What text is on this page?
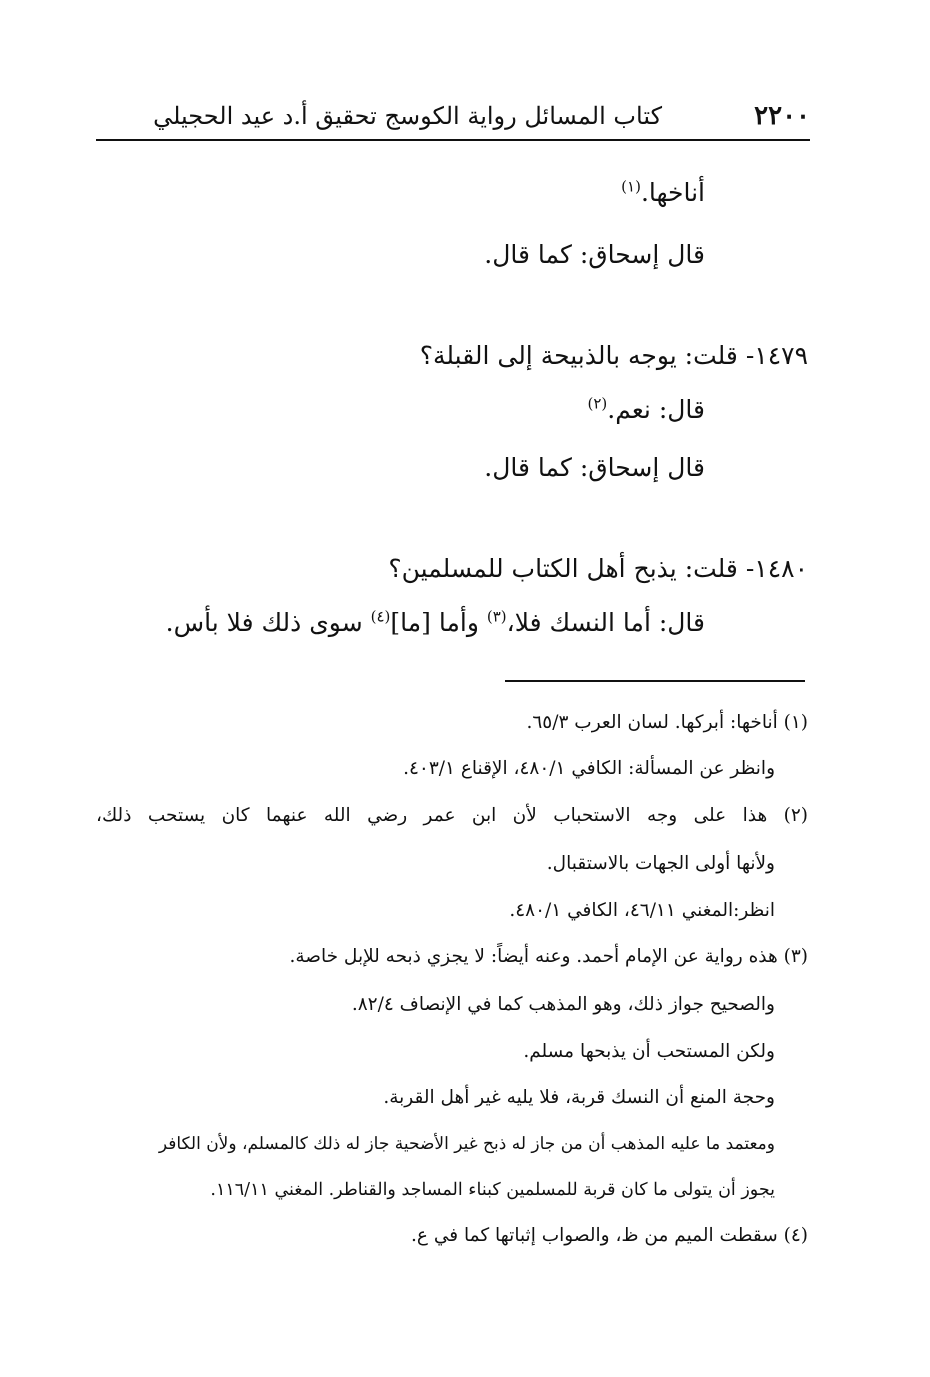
كتاب المسائل رواية الكوسج تحقيق أ.د عيد الحجيلي	٢٢٠٠
أناخها.$^{(١)}$
قال إسحاق: كما قال.
١٤٧٩- قلت: يوجه بالذبيحة إلى القبلة؟
قال: نعم.$^{(٢)}$
قال إسحاق: كما قال.
١٤٨٠- قلت: يذبح أهل الكتاب للمسلمين؟
قال: أما النسك فلا،$^{(٣)}$ وأما [ما]$^{(٤)}$ سوى ذلك فلا بأس.
(١) أناخها: أبركها. لسان العرب ٦٥/٣.
وانظر عن المسألة: الكافي ٤٨٠/١، الإقناع ٤٠٣/١.
(٢) هذا على وجه الاستحباب لأن ابن عمر رضي الله عنهما كان يستحب ذلك،
ولأنها أولى الجهات بالاستقبال.
انظر:المغني ٤٦/١١، الكافي ٤٨٠/١.
(٣) هذه رواية عن الإمام أحمد. وعنه أيضاً: لا يجزي ذبحه للإبل خاصة.
والصحيح جواز ذلك، وهو المذهب كما في الإنصاف ٨٢/٤.
ولكن المستحب أن يذبحها مسلم.
وحجة المنع أن النسك قربة، فلا يليه غير أهل القربة.
ومعتمد ما عليه المذهب أن من جاز له ذبح غير الأضحية جاز له ذلك كالمسلم، ولأن الكافر
يجوز أن يتولى ما كان قربة للمسلمين كبناء المساجد والقناطر. المغني ١١٦/١١.
(٤) سقطت الميم من ظ، والصواب إثباتها كما في ع.
